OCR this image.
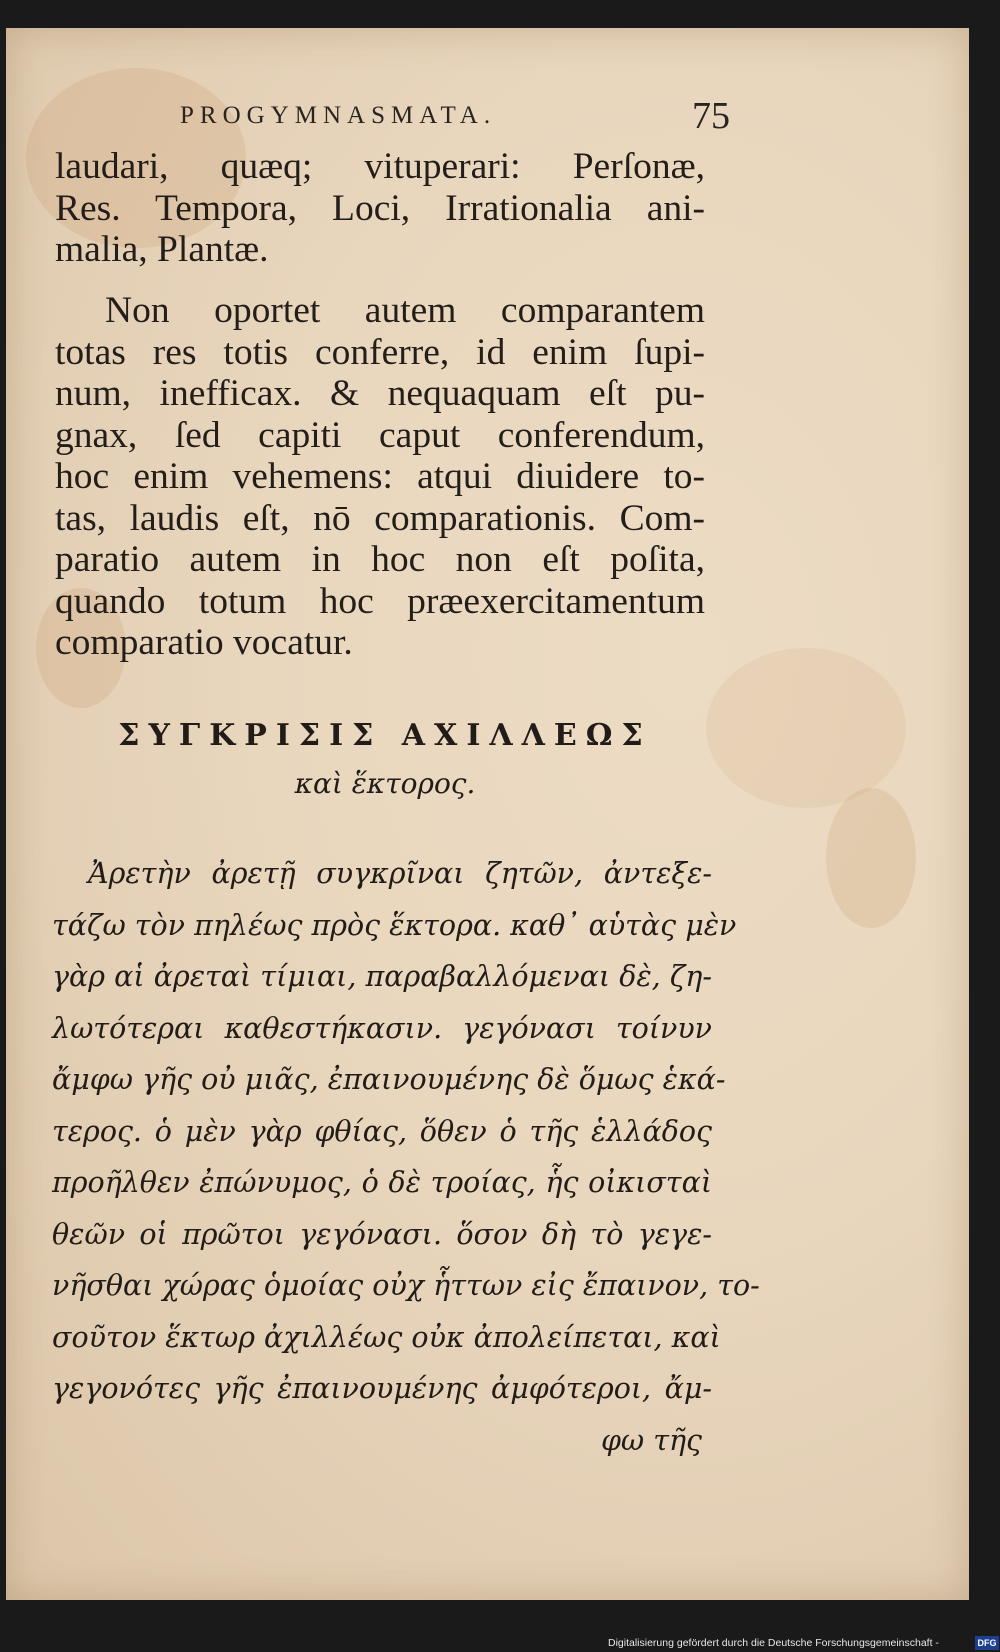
PROGYMNASMATA.	75
laudari, quæq; vituperari: Perſonæ,
Res. Tempora, Loci, Irrationalia ani-
malia, Plantæ.
Non oportet autem comparantem
totas res totis conferre, id enim ſupi-
num, inefficax. & nequaquam eſt pu-
gnax, ſed capiti caput conferendum,
hoc enim vehemens: atqui diuidere to-
tas, laudis eſt, nō comparationis. Com-
paratio autem in hoc non eſt poſita,
quando totum hoc præexercitamentum
comparatio vocatur.
ΣΥΓΚΡΙΣΙΣ ΑΧΙΛΛΕΩΣ
καὶ ἕκτορος.
Ἀρετὴν ἀρετῇ συγκρῖναι ζητῶν, ἀντεξε-
τάζω τὸν πηλέως πρὸς ἕκτορα. καθ᾽ αὑτὰς μὲν
γὰρ αἱ ἀρεταὶ τίμιαι, παραβαλλόμεναι δὲ, ζη-
λωτότεραι καθεστήκασιν. γεγόνασι τοίνυν
ἄμφω γῆς οὐ μιᾶς, ἐπαινουμένης δὲ ὅμως ἑκά-
τερος. ὁ μὲν γὰρ φθίας, ὅθεν ὁ τῆς ἑλλάδος
προῆλθεν ἐπώνυμος, ὁ δὲ τροίας, ἧς οἰκισταὶ
θεῶν οἱ πρῶτοι γεγόνασι. ὅσον δὴ τὸ γεγε-
νῆσθαι χώρας ὁμοίας οὐχ ἧττων εἰς ἔπαινον, το-
σοῦτον ἕκτωρ ἀχιλλέως οὐκ ἀπολείπεται, καὶ
γεγονότες γῆς ἐπαινουμένης ἀμφότεροι, ἄμ-
φω τῆς
Digitalisierung gefördert durch die Deutsche Forschungsgemeinschaft -	DFG
